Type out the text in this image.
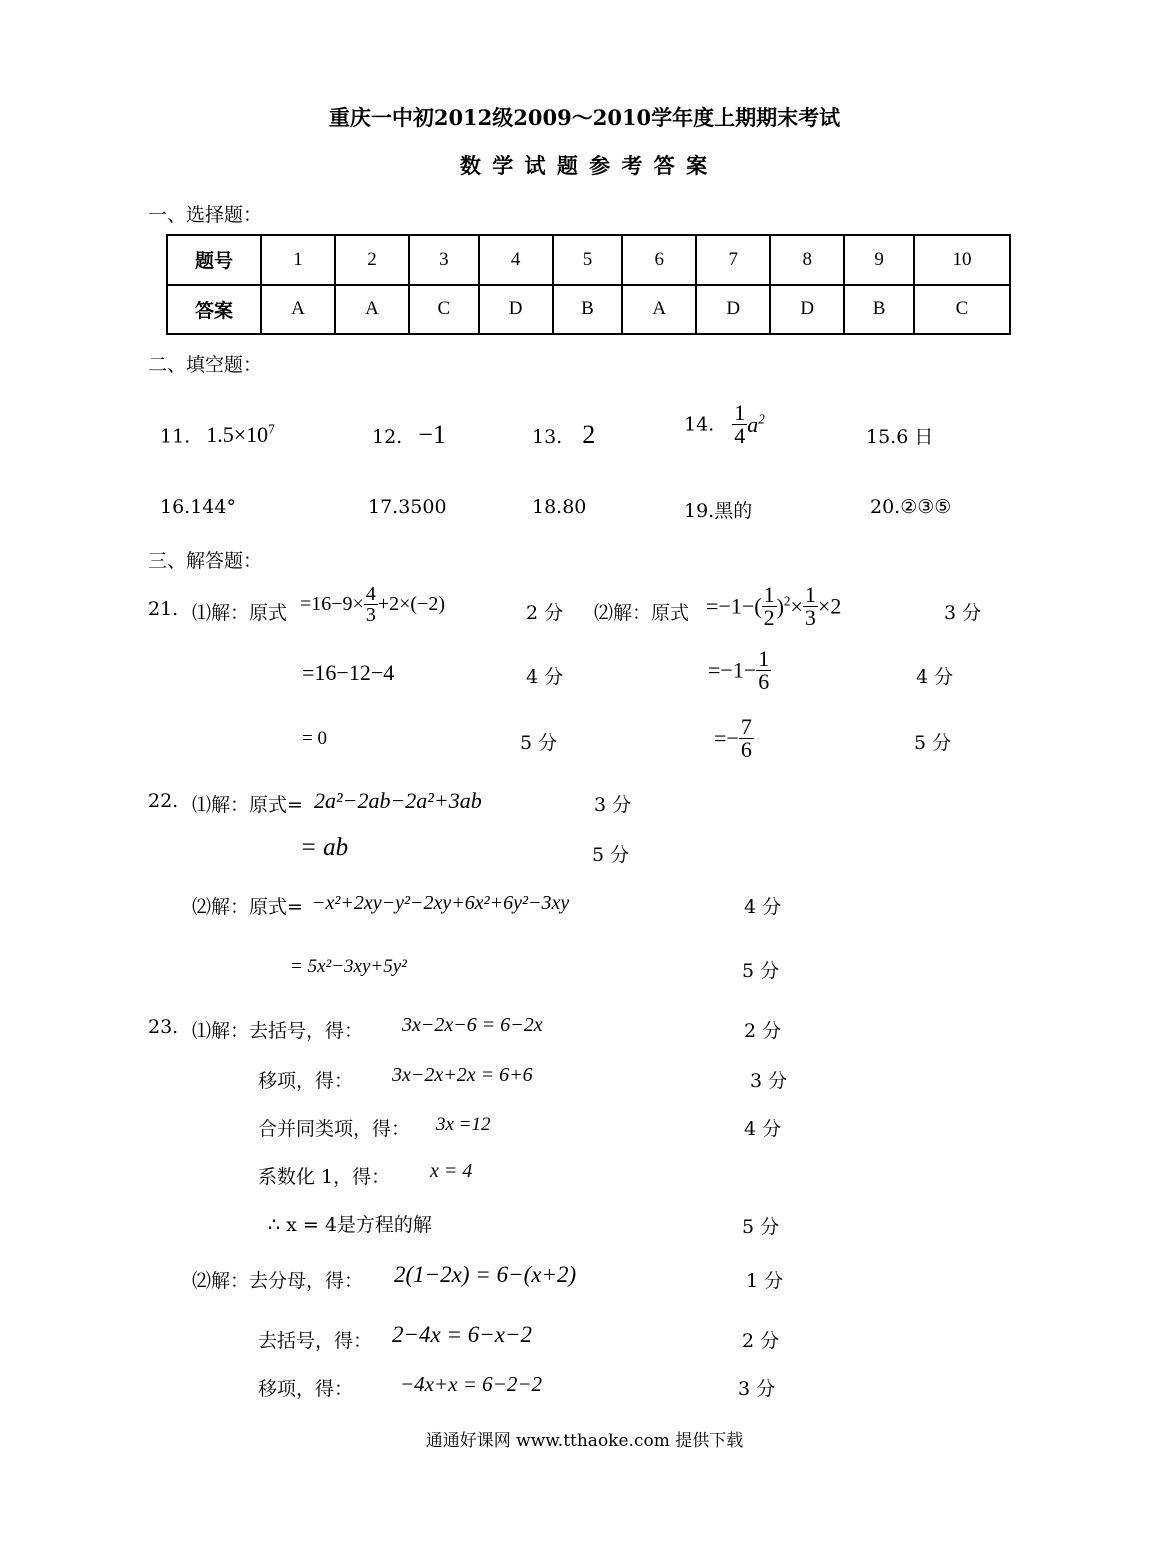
重庆一中初2012级2009～2010学年度上期期末考试
数 学 试 题 参 考 答 案
一、选择题：
题号	1	2	3	4	5	6	7	8	9	10
答案	A	A	C	D	B	A	D	D	B	C
二、填空题：
11. $1.5\times 10^7$	12. −1	13. 2	14. $\frac{1}{4} a^2$
15.6 日
16.144°	17.3500	18.80	19.黑的	20.②③⑤
三、解答题：
21. ⑴解：原式 $=16-9\times \frac{4}{3} +2\times(-2)$	2 分
=16−12−4	4 分
= 0	5 分
⑵解：原式 $=-1-( \frac{1}{2} )^2\times \frac{1}{3} \times 2$	3 分
$=-1- \frac{1}{6}$	4 分
=− $\frac{7}{6}$	5 分
22. ⑴解：原式= 2a²−2ab−2a²+3ab	3 分
= ab	5 分
⑵解：原式= −x²+2xy−y²−2xy+6x²+6y²−3xy	4 分
= 5x²−3xy+5y²	5 分
23. ⑴解：去括号，得： 3x−2x−6 = 6−2x	2 分
移项，得： 3x−2x+2x = 6+6	3 分
合并同类项，得： 3x =12	4 分
系数化 1，得： x = 4
∴ x = 4是方程的解	5 分
⑵解：去分母，得： 2(1−2x) = 6−(x+2)	1 分
去括号，得： 2−4x = 6−x−2	2 分
移项，得： −4x+x = 6−2−2	3 分
通通好课网 www.tthaoke.com 提供下载
